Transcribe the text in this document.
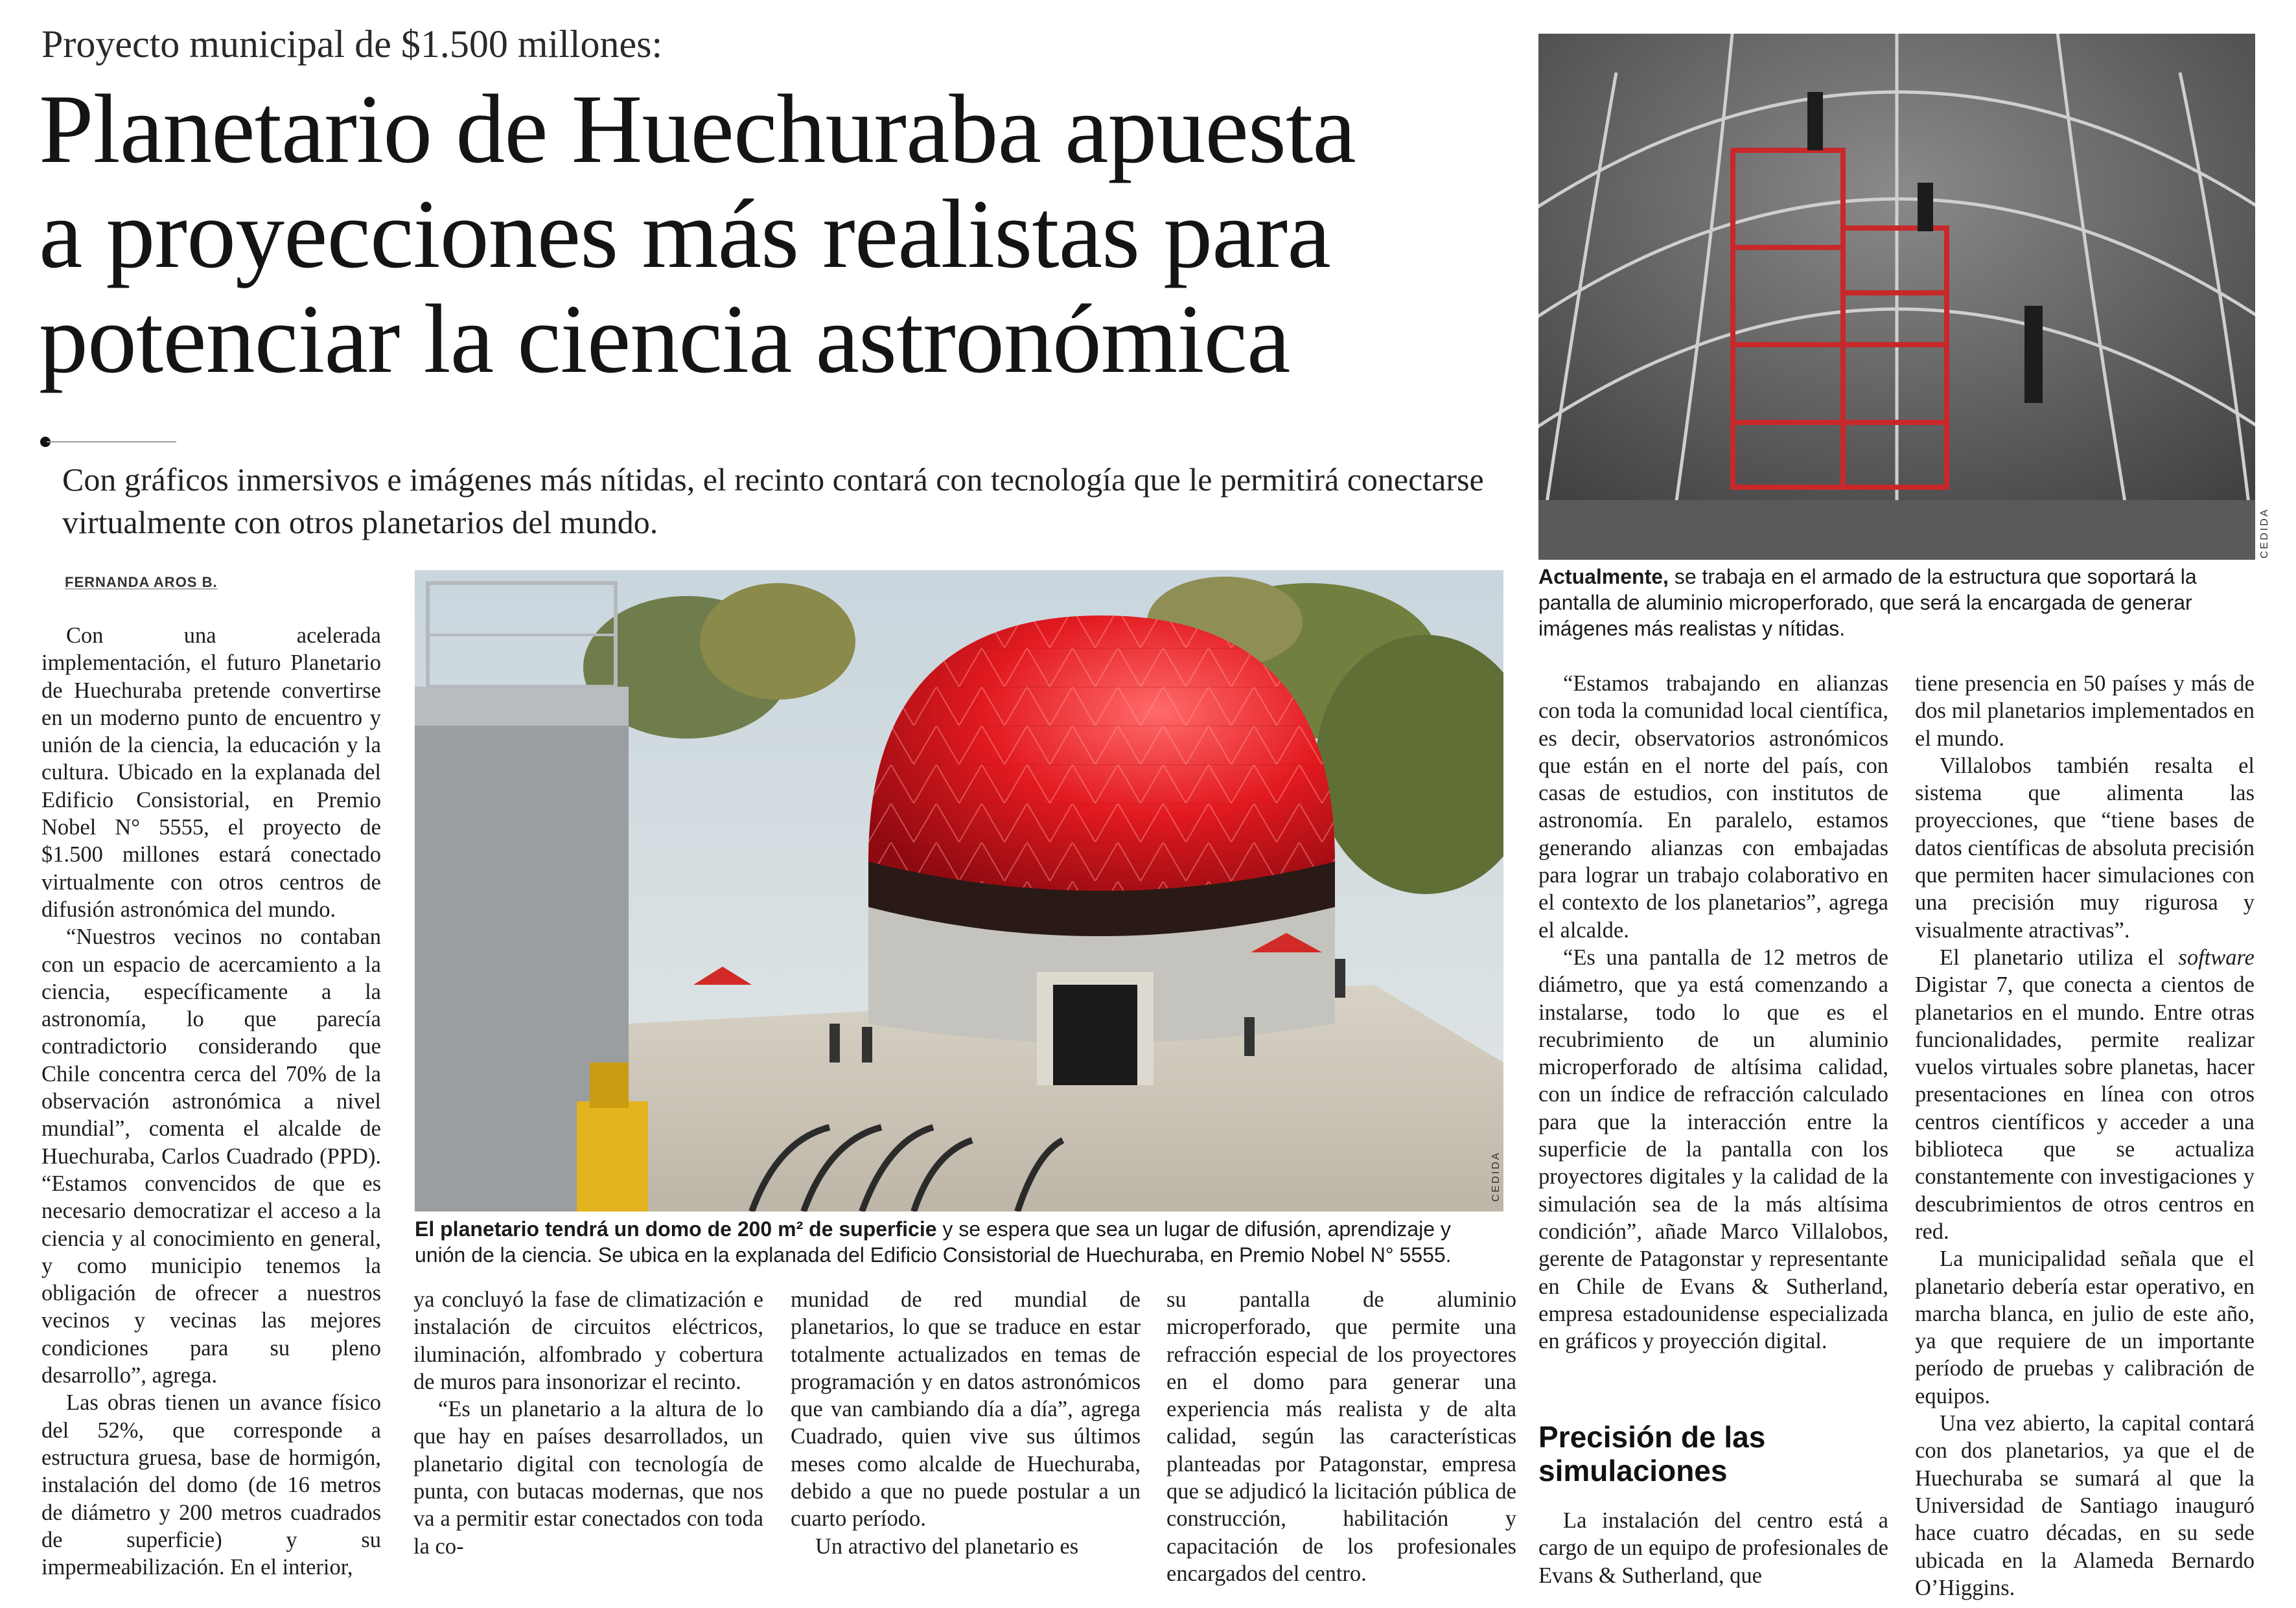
Proyecto municipal de $1.500 millones:
Planetario de Huechuraba apuesta
a proyecciones más realistas para
potenciar la ciencia astronómica
Con gráficos inmersivos e imágenes más nítidas, el recinto contará con tecnología que le permitirá conectarse virtualmente con otros planetarios del mundo.
FERNANDA AROS B.
CEDIDA
El planetario tendrá un domo de 200 m² de superficie y se espera que sea un lugar de difusión, aprendizaje y unión de la ciencia. Se ubica en la explanada del Edificio Consistorial de Huechuraba, en Premio Nobel N° 5555.
CEDIDA
Actualmente, se trabaja en el armado de la estructura que soportará la pantalla de aluminio microperforado, que será la encargada de generar imágenes más realistas y nítidas.

Con una acelerada implementación, el futuro Planetario de Huechuraba pretende convertirse en un moderno punto de encuentro y unión de la ciencia, la educación y la cultura. Ubicado en la explanada del Edificio Consistorial, en Premio Nobel N° 5555, el proyecto de $1.500 millones estará conectado virtualmente con otros centros de difusión astronómica del mundo.

“Nuestros vecinos no contaban con un espacio de acercamiento a la ciencia, específicamente a la astronomía, lo que parecía contradictorio considerando que Chile concentra cerca del 70% de la observación astronómica a nivel mundial”, comenta el alcalde de Huechuraba, Carlos Cuadrado (PPD). “Estamos convencidos de que es necesario democratizar el acceso a la ciencia y al conocimiento en general, y como municipio tenemos la obligación de ofrecer a nuestros vecinos y vecinas las mejores condiciones para su pleno desarrollo”, agrega.

Las obras tienen un avance físico del 52%, que corresponde a estructura gruesa, base de hormigón, instalación del domo (de 16 metros de diámetro y 200 metros cuadrados de superficie) y su impermeabilización. En el interior,

ya concluyó la fase de climatización e instalación de circuitos eléctricos, iluminación, alfombrado y cobertura de muros para insonorizar el recinto.

“Es un planetario a la altura de lo que hay en países desarrollados, un planetario digital con tecnología de punta, con butacas modernas, que nos va a permitir estar conectados con toda la co-

munidad de red mundial de planetarios, lo que se traduce en estar totalmente actualizados en temas de programación y en datos astronómicos que van cambiando día a día”, agrega Cuadrado, quien vive sus últimos meses como alcalde de Huechuraba, debido a que no puede postular a un cuarto período.

Un atractivo del planetario es

su pantalla de aluminio microperforado, que permite una refracción especial de los proyectores en el domo para generar una experiencia más realista y de alta calidad, según las características planteadas por Patagonstar, empresa que se adjudicó la licitación pública de construcción, habilitación y capacitación de los profesionales encargados del centro.

“Estamos trabajando en alianzas con toda la comunidad local científica, es decir, observatorios astronómicos que están en el norte del país, con casas de estudios, con institutos de astronomía. En paralelo, estamos generando alianzas con embajadas para lograr un trabajo colaborativo en el contexto de los planetarios”, agrega el alcalde.

“Es una pantalla de 12 metros de diámetro, que ya está comenzando a instalarse, todo lo que es el recubrimiento de un aluminio microperforado de altísima calidad, con un índice de refracción calculado para que la interacción entre la superficie de la pantalla con los proyectores digitales y la calidad de la simulación sea de la más altísima condición”, añade Marco Villalobos, gerente de Patagonstar y representante en Chile de Evans & Sutherland, empresa estadounidense especializada en gráficos y proyección digital.

Precisión de las simulaciones

La instalación del centro está a cargo de un equipo de profesionales de Evans & Sutherland, que

tiene presencia en 50 países y más de dos mil planetarios implementados en el mundo.

Villalobos también resalta el sistema que alimenta las proyecciones, que “tiene bases de datos científicas de absoluta precisión que permiten hacer simulaciones con una precisión muy rigurosa y visualmente atractivas”.

El planetario utiliza el software Digistar 7, que conecta a cientos de planetarios en el mundo. Entre otras funcionalidades, permite realizar vuelos virtuales sobre planetas, hacer presentaciones en línea con otros centros científicos y acceder a una biblioteca que se actualiza constantemente con investigaciones y descubrimientos de otros centros en red.

La municipalidad señala que el planetario debería estar operativo, en marcha blanca, en julio de este año, ya que requiere de un importante período de pruebas y calibración de equipos.

Una vez abierto, la capital contará con dos planetarios, ya que el de Huechuraba se sumará al que la Universidad de Santiago inauguró hace cuatro décadas, en su sede ubicada en la Alameda Bernardo O’Higgins.
